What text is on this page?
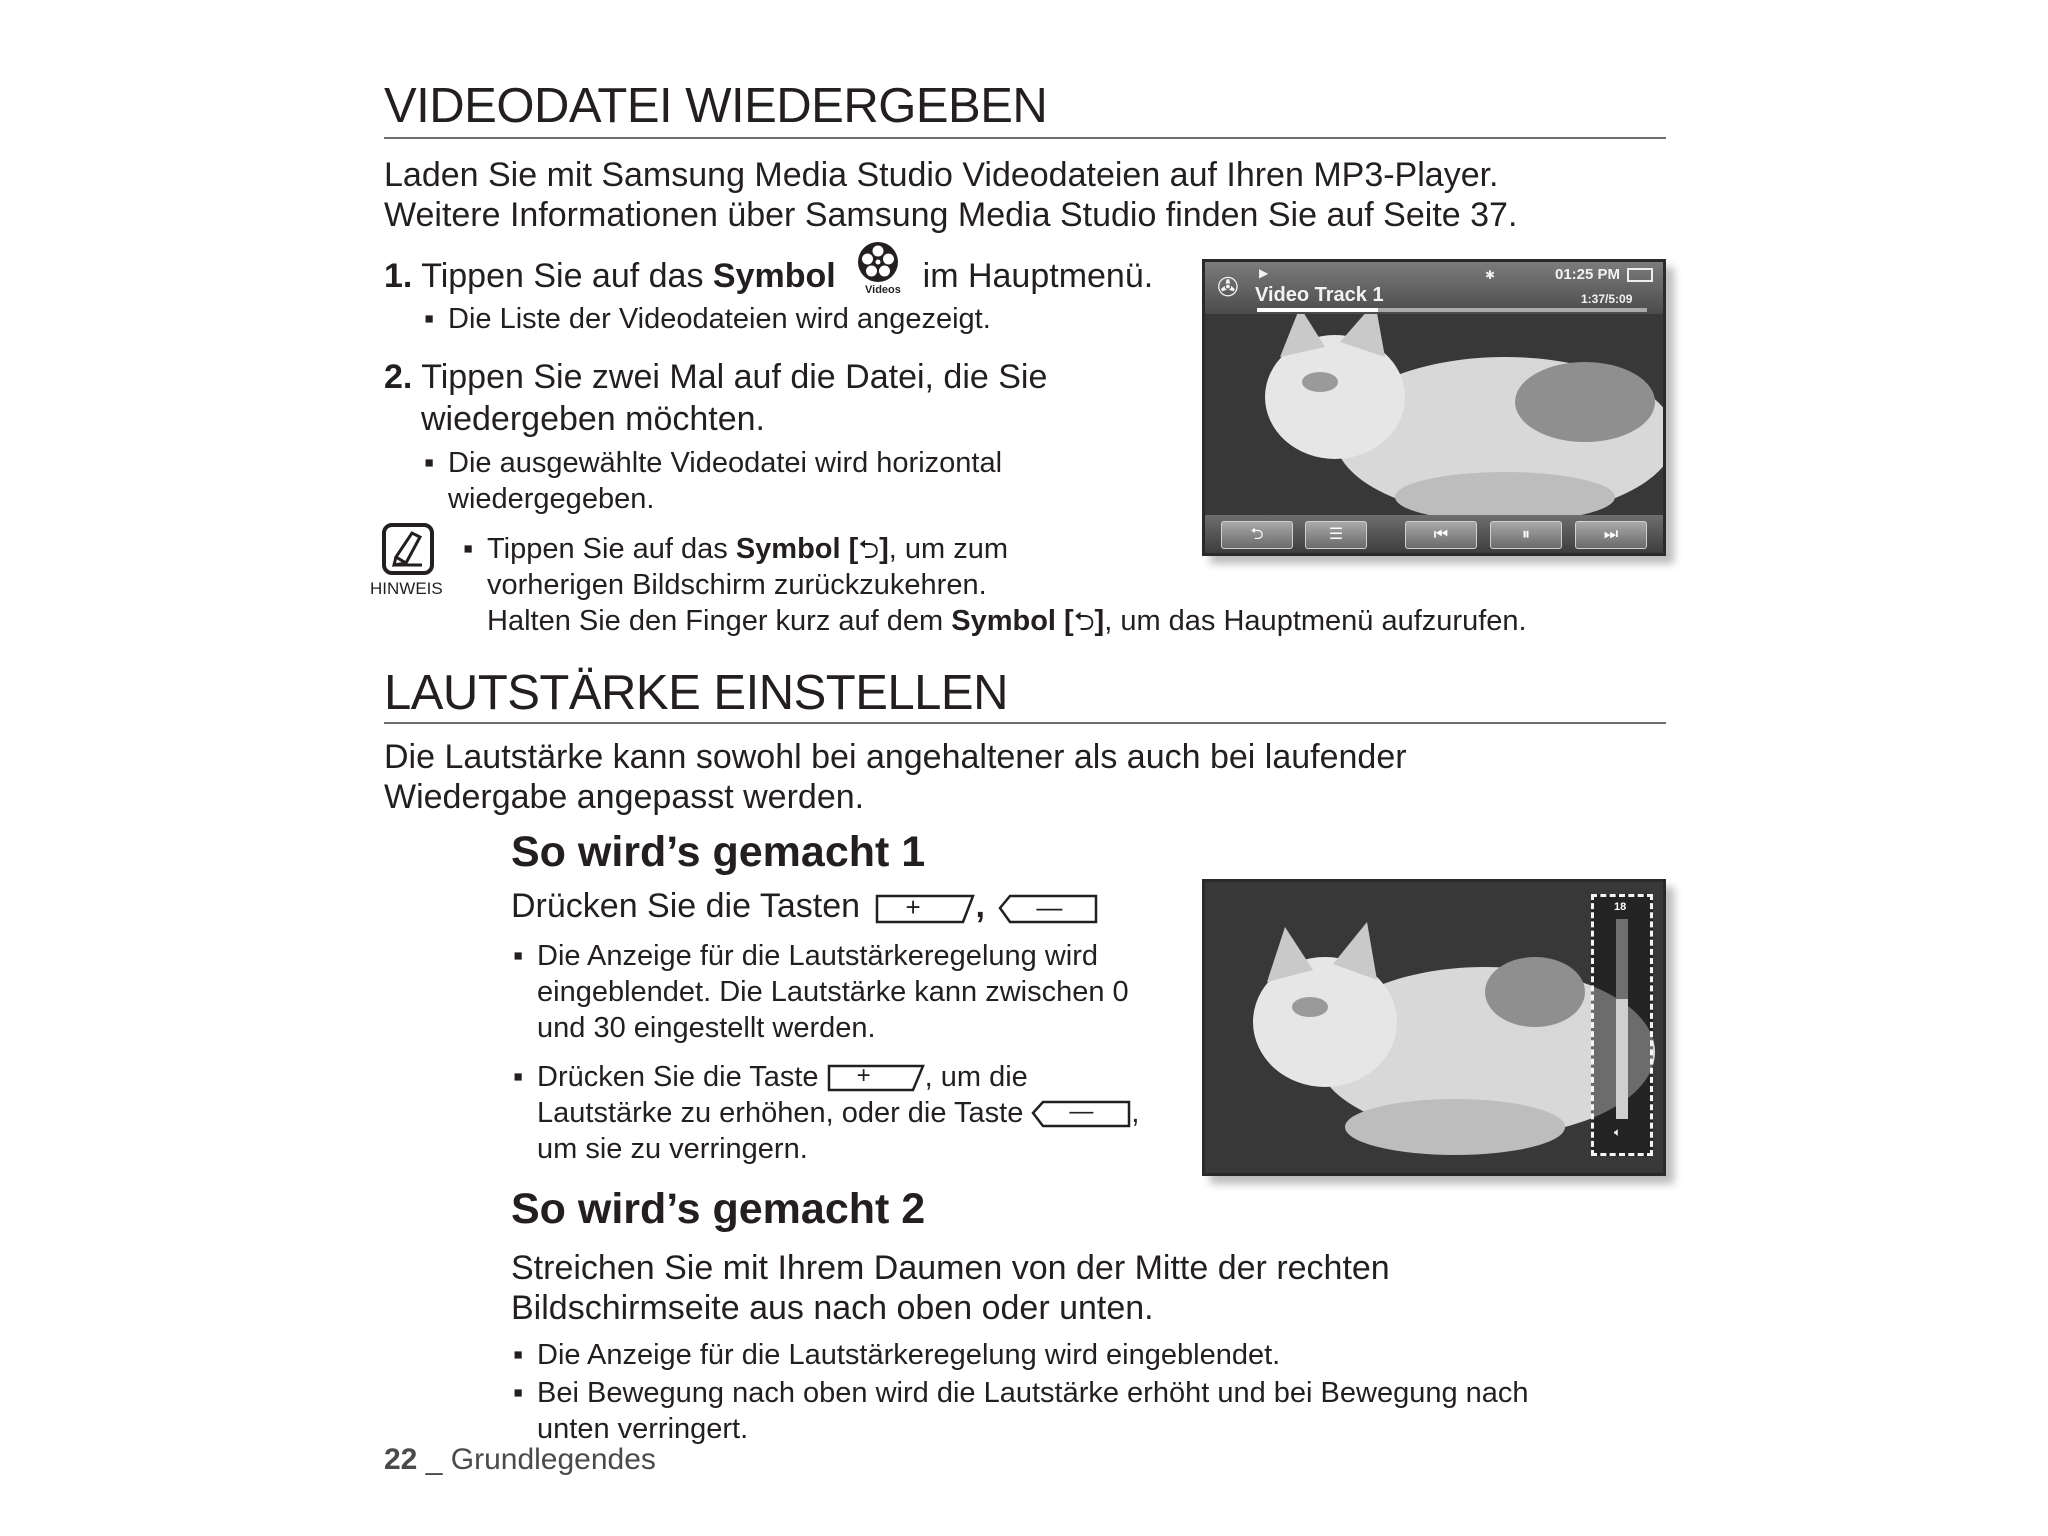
VIDEODATEI WIEDERGEBEN
Laden Sie mit Samsung Media Studio Videodateien auf Ihren MP3-Player.
Weitere Informationen über Samsung Media Studio finden Sie auf Seite 37.
1. Tippen Sie auf das Symbol	im Hauptmenü.
Videos
▪ Die Liste der Videodateien wird angezeigt.
2. Tippen Sie zwei Mal auf die Datei, die Sie
wiedergeben möchten.
▪ Die ausgewählte Videodatei wird horizontal
wiedergegeben.
HINWEIS
▪ Tippen Sie auf das Symbol [⮌], um zum
vorherigen Bildschirm zurückzukehren.
Halten Sie den Finger kurz auf dem Symbol [⮌], um das Hauptmenü aufzurufen.
✇ ▶
Video Track 1
✱	01:25 PM
1:37/5:09
⮌	☰	⏮	⏸	⏭
LAUTSTÄRKE EINSTELLEN
Die Lautstärke kann sowohl bei angehaltener als auch bei laufender
Wiedergabe angepasst werden.
So wird’s gemacht 1
Drücken Sie die Tasten + , —
▪ Die Anzeige für die Lautstärkeregelung wird
eingeblendet. Die Lautstärke kann zwischen 0
und 30 eingestellt werden.
▪ Drücken Sie die Taste + , um die
Lautstärke zu erhöhen, oder die Taste — ,
um sie zu verringern.
18
🔈︎
So wird’s gemacht 2
Streichen Sie mit Ihrem Daumen von der Mitte der rechten
Bildschirmseite aus nach oben oder unten.
▪ Die Anzeige für die Lautstärkeregelung wird eingeblendet.
▪ Bei Bewegung nach oben wird die Lautstärke erhöht und bei Bewegung nach
unten verringert.
22 _ Grundlegendes
